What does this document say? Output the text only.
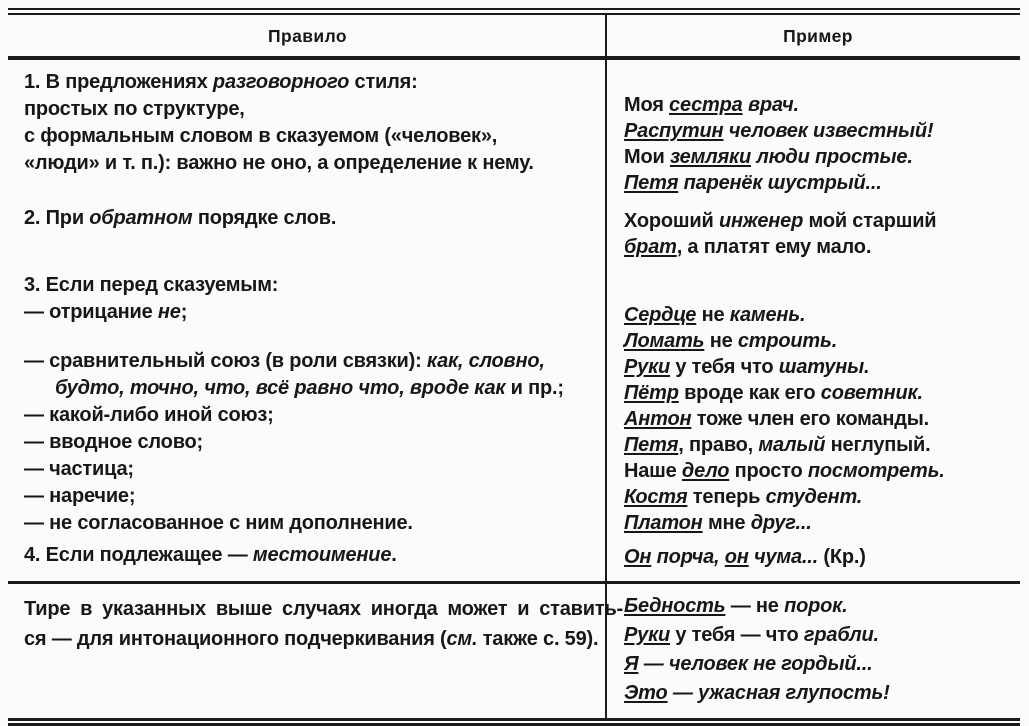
Правило	Пример
1. В предложениях разговорного стиля:
простых по структуре,
с формальным словом в сказуемом («человек»,
«люди» и т. п.): важно не оно, а определение к нему.
2. При обратном порядке слов.
3. Если перед сказуемым:
— отрицание не;
— сравнительный союз (в роли связки): как, словно,
будто, точно, что, всё равно что, вроде как и пр.;
— какой-либо иной союз;
— вводное слово;
— частица;
— наречие;
— не согласованное с ним дополнение.
4. Если подлежащее — местоимение.
Моя сестра врач.
Распутин человек известный!
Мои земляки люди простые.
Петя паренёк шустрый...
Хороший инженер мой старший
брат, а платят ему мало.
Сердце не камень.
Ломать не строить.
Руки у тебя что шатуны.
Пётр вроде как его советник.
Антон тоже член его команды.
Петя, право, малый неглупый.
Наше дело просто посмотреть.
Костя теперь студент.
Платон мне друг...
Он порча, он чума... (Кр.)
Тире в указанных выше случаях иногда может и ставить-
ся — для интонационного подчеркивания (см. также с. 59).
Бедность — не порок.
Руки у тебя — что грабли.
Я — человек не гордый...
Это — ужасная глупость!
